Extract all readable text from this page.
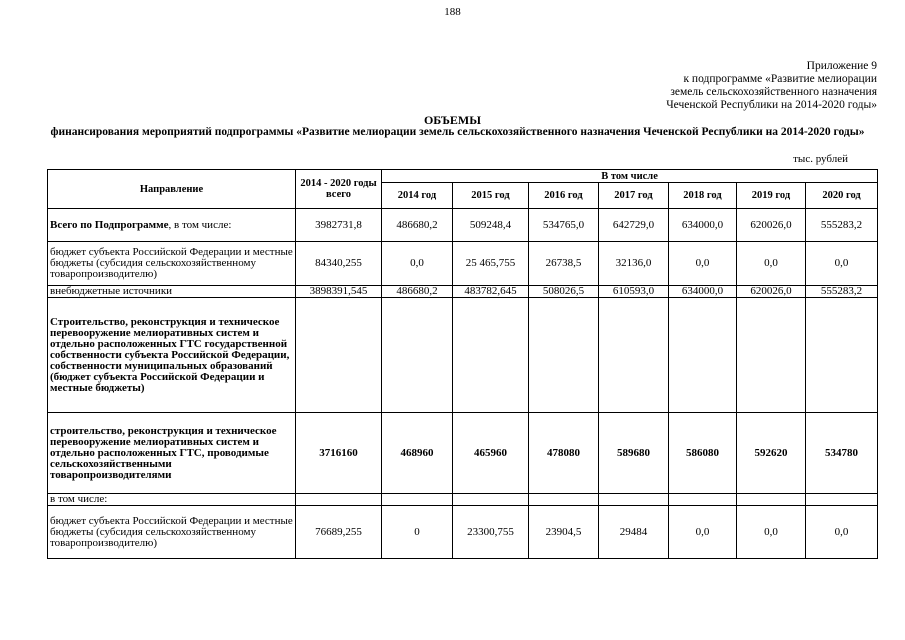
188
Приложение 9
к подпрограмме «Развитие мелиорации
земель сельскохозяйственного назначения
Чеченской Республики на 2014-2020 годы»
ОБЪЕМЫ
финансирования мероприятий подпрограммы «Развитие мелиорации земель сельскохозяйственного назначения Чеченской Республики на 2014-2020 годы»
тыс. рублей
Направление	2014 - 2020 годы всего	В том числе						
		2014 год	2015 год	2016 год	2017 год	2018 год	2019 год	2020 год
Всего по Подпрограмме, в том числе:	3982731,8	486680,2	509248,4	534765,0	642729,0	634000,0	620026,0	555283,2
бюджет субъекта Российской Федерации и местные бюджеты (субсидия сельскохозяйственному товаропроизводителю)	84340,255	0,0	25 465,755	26738,5	32136,0	0,0	0,0	0,0
внебюджетные источники	3898391,545	486680,2	483782,645	508026,5	610593,0	634000,0	620026,0	555283,2
Строительство, реконструкция и техническое перевооружение мелиоративных систем и отдельно расположенных ГТС государственной собственности субъекта Российской Федерации, собственности муниципальных образований (бюджет субъекта Российской Федерации и местные бюджеты)								
строительство, реконструкция и техническое перевооружение мелиоративных систем и отдельно расположенных ГТС, проводимые сельскохозяйственными товаропроизводителями	3716160	468960	465960	478080	589680	586080	592620	534780
в том числе:								
бюджет субъекта Российской Федерации и местные бюджеты (субсидия сельскохозяйственному товаропроизводителю)	76689,255	0	23300,755	23904,5	29484	0,0	0,0	0,0
